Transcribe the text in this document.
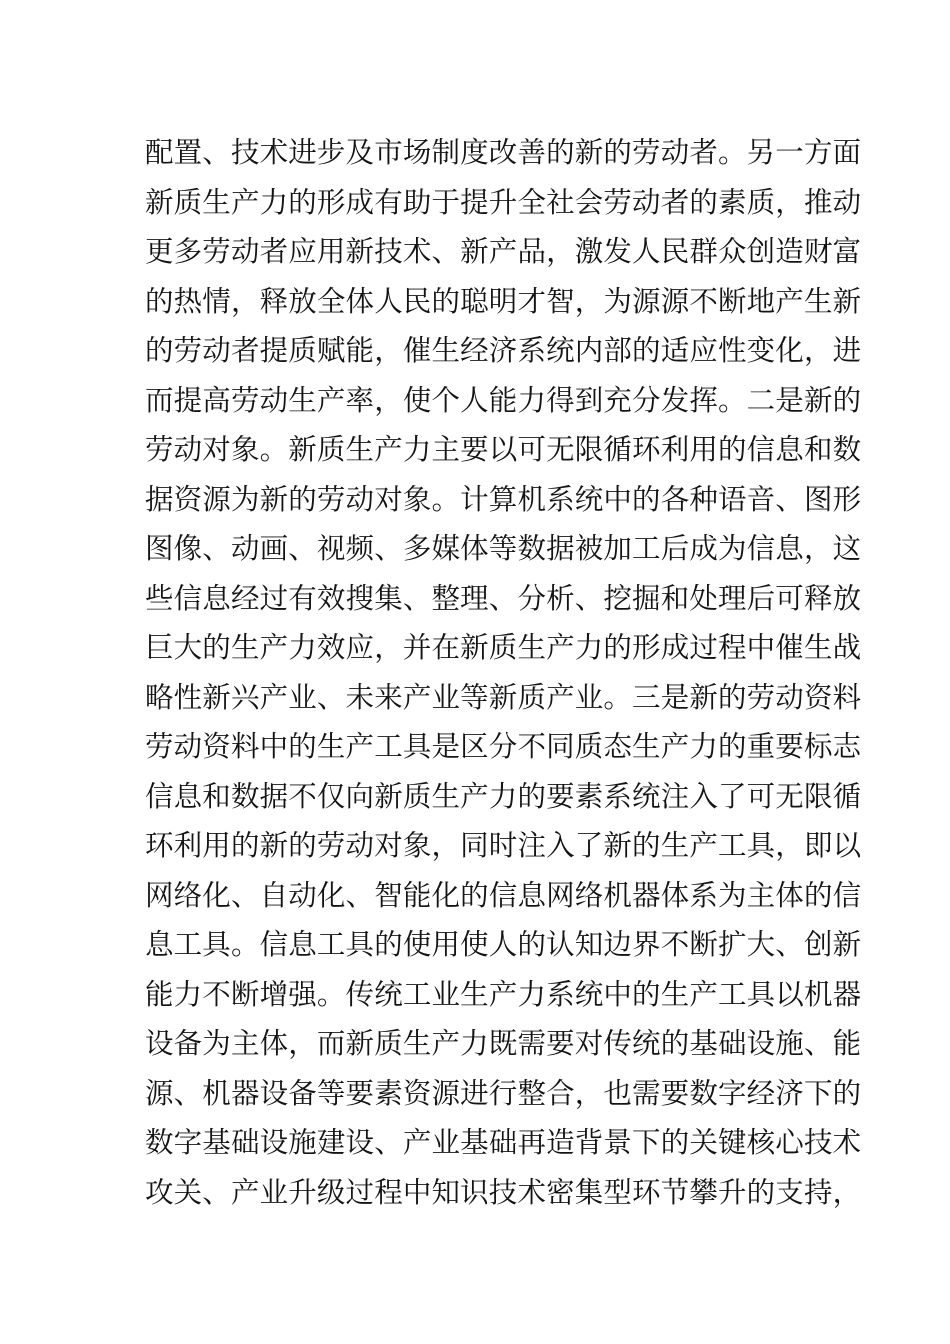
配置、技术进步及市场制度改善的新的劳动者。另一方面
新质生产力的形成有助于提升全社会劳动者的素质，推动
更多劳动者应用新技术、新产品，激发人民群众创造财富
的热情，释放全体人民的聪明才智，为源源不断地产生新
的劳动者提质赋能，催生经济系统内部的适应性变化，进
而提高劳动生产率，使个人能力得到充分发挥。二是新的
劳动对象。新质生产力主要以可无限循环利用的信息和数
据资源为新的劳动对象。计算机系统中的各种语音、图形
图像、动画、视频、多媒体等数据被加工后成为信息，这
些信息经过有效搜集、整理、分析、挖掘和处理后可释放
巨大的生产力效应，并在新质生产力的形成过程中催生战
略性新兴产业、未来产业等新质产业。三是新的劳动资料
劳动资料中的生产工具是区分不同质态生产力的重要标志
信息和数据不仅向新质生产力的要素系统注入了可无限循
环利用的新的劳动对象，同时注入了新的生产工具，即以
网络化、自动化、智能化的信息网络机器体系为主体的信
息工具。信息工具的使用使人的认知边界不断扩大、创新
能力不断增强。传统工业生产力系统中的生产工具以机器
设备为主体，而新质生产力既需要对传统的基础设施、能
源、机器设备等要素资源进行整合，也需要数字经济下的
数字基础设施建设、产业基础再造背景下的关键核心技术
攻关、产业升级过程中知识技术密集型环节攀升的支持，
